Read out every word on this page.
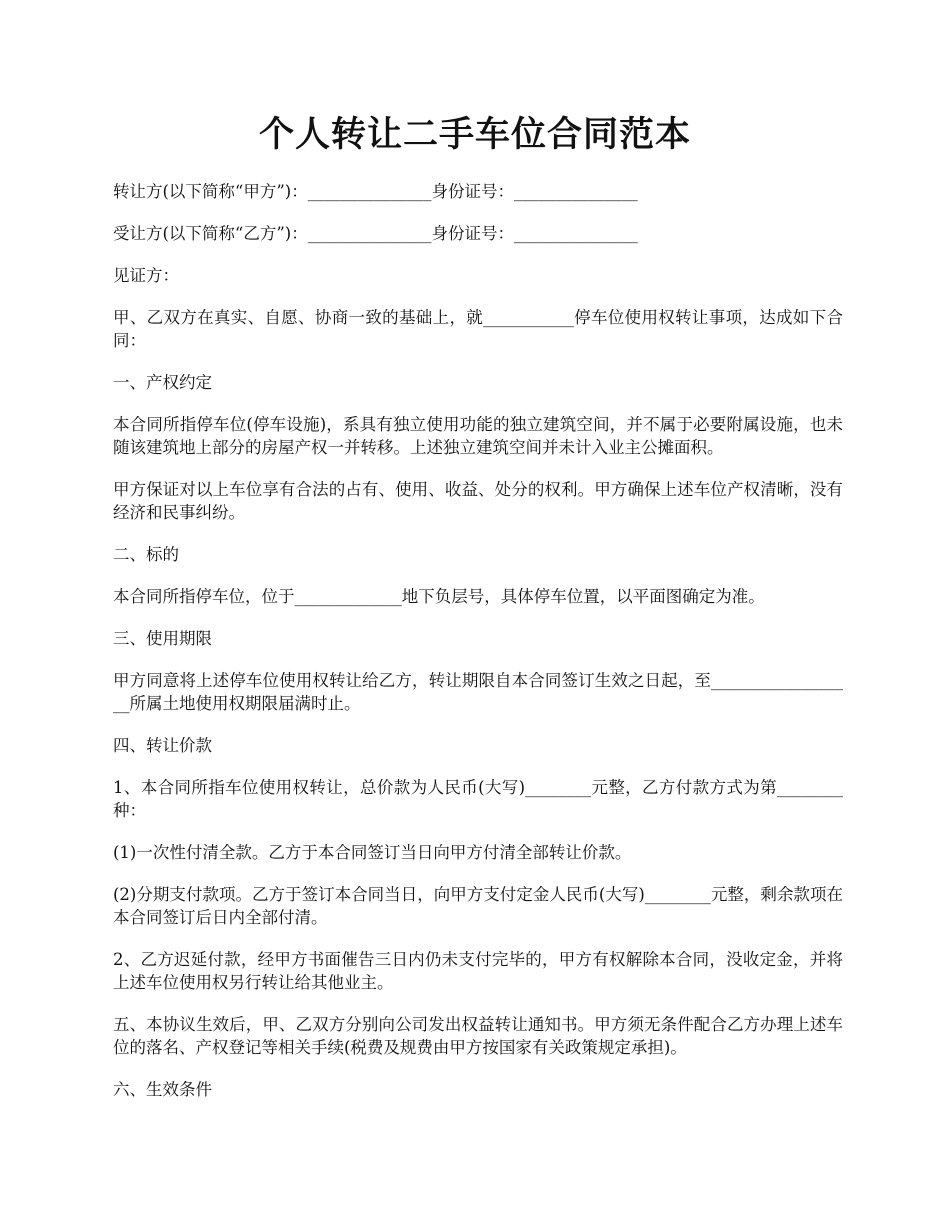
个人转让二手车位合同范本

转让方(以下简称“甲方”)：_______________身份证号：_______________

受让方(以下简称“乙方”)：_______________身份证号：_______________

见证方：

甲、乙双方在真实、自愿、协商一致的基础上，就___________停车位使用权转让事项，达成如下合同：

一、产权约定

本合同所指停车位(停车设施)，系具有独立使用功能的独立建筑空间，并不属于必要附属设施，也未随该建筑地上部分的房屋产权一并转移。上述独立建筑空间并未计入业主公摊面积。

甲方保证对以上车位享有合法的占有、使用、收益、处分的权利。甲方确保上述车位产权清晰，没有经济和民事纠纷。

二、标的

本合同所指停车位，位于_____________地下负层号，具体停车位置，以平面图确定为准。

三、使用期限

甲方同意将上述停车位使用权转让给乙方，转让期限自本合同签订生效之日起，至__________________所属土地使用权期限届满时止。

四、转让价款

1、本合同所指车位使用权转让，总价款为人民币(大写)________元整，乙方付款方式为第________种：

(1)一次性付清全款。乙方于本合同签订当日向甲方付清全部转让价款。

(2)分期支付款项。乙方于签订本合同当日，向甲方支付定金人民币(大写)________元整，剩余款项在本合同签订后日内全部付清。

2、乙方迟延付款，经甲方书面催告三日内仍未支付完毕的，甲方有权解除本合同，没收定金，并将上述车位使用权另行转让给其他业主。

五、本协议生效后，甲、乙双方分别向公司发出权益转让通知书。甲方须无条件配合乙方办理上述车位的落名、产权登记等相关手续(税费及规费由甲方按国家有关政策规定承担)。

六、生效条件
